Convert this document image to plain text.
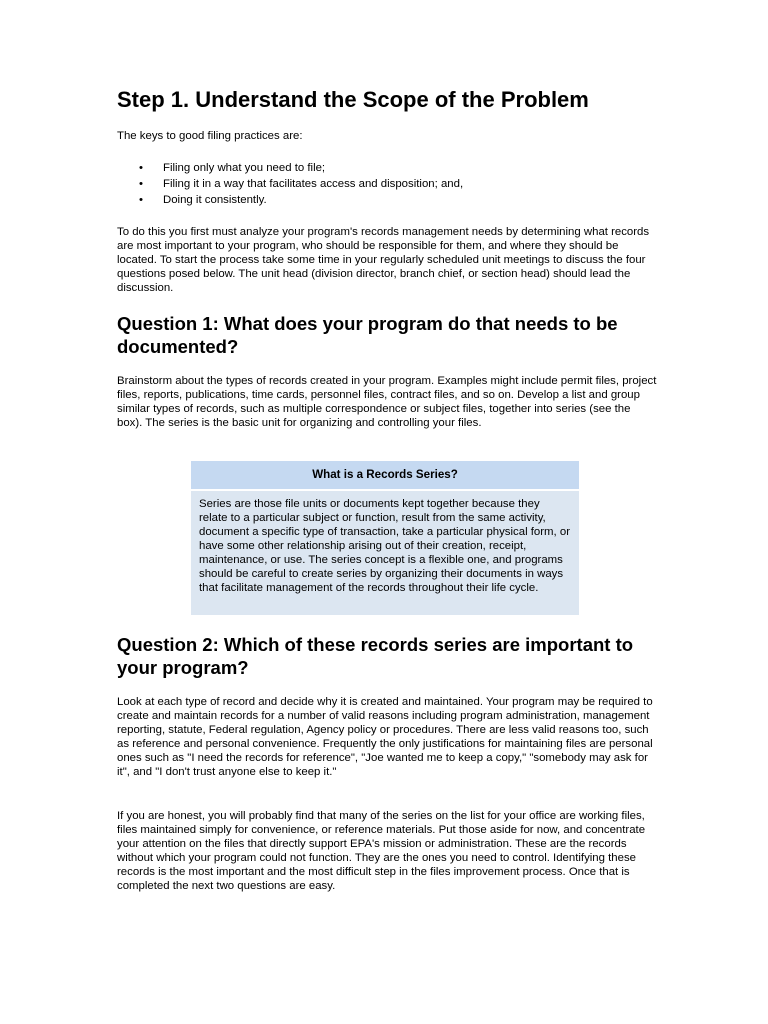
Step 1. Understand the Scope of the Problem

The keys to good filing practices are:

• Filing only what you need to file;
• Filing it in a way that facilitates access and disposition; and,
• Doing it consistently.

To do this you first must analyze your program's records management needs by determining what records are most important to your program, who should be responsible for them, and where they should be located. To start the process take some time in your regularly scheduled unit meetings to discuss the four questions posed below. The unit head (division director, branch chief, or section head) should lead the discussion.

Question 1: What does your program do that needs to be documented?

Brainstorm about the types of records created in your program. Examples might include permit files, project files, reports, publications, time cards, personnel files, contract files, and so on. Develop a list and group similar types of records, such as multiple correspondence or subject files, together into series (see the box). The series is the basic unit for organizing and controlling your files.

What is a Records Series?
Series are those file units or documents kept together because they relate to a particular subject or function, result from the same activity, document a specific type of transaction, take a particular physical form, or have some other relationship arising out of their creation, receipt, maintenance, or use. The series concept is a flexible one, and programs should be careful to create series by organizing their documents in ways that facilitate management of the records throughout their life cycle.
Question 2: Which of these records series are important to your program?

Look at each type of record and decide why it is created and maintained. Your program may be required to create and maintain records for a number of valid reasons including program administration, management reporting, statute, Federal regulation, Agency policy or procedures. There are less valid reasons too, such as reference and personal convenience. Frequently the only justifications for maintaining files are personal ones such as "I need the records for reference", "Joe wanted me to keep a copy," "somebody may ask for it", and "I don't trust anyone else to keep it."

If you are honest, you will probably find that many of the series on the list for your office are working files, files maintained simply for convenience, or reference materials. Put those aside for now, and concentrate your attention on the files that directly support EPA's mission or administration. These are the records without which your program could not function. They are the ones you need to control. Identifying these records is the most important and the most difficult step in the files improvement process. Once that is completed the next two questions are easy.
